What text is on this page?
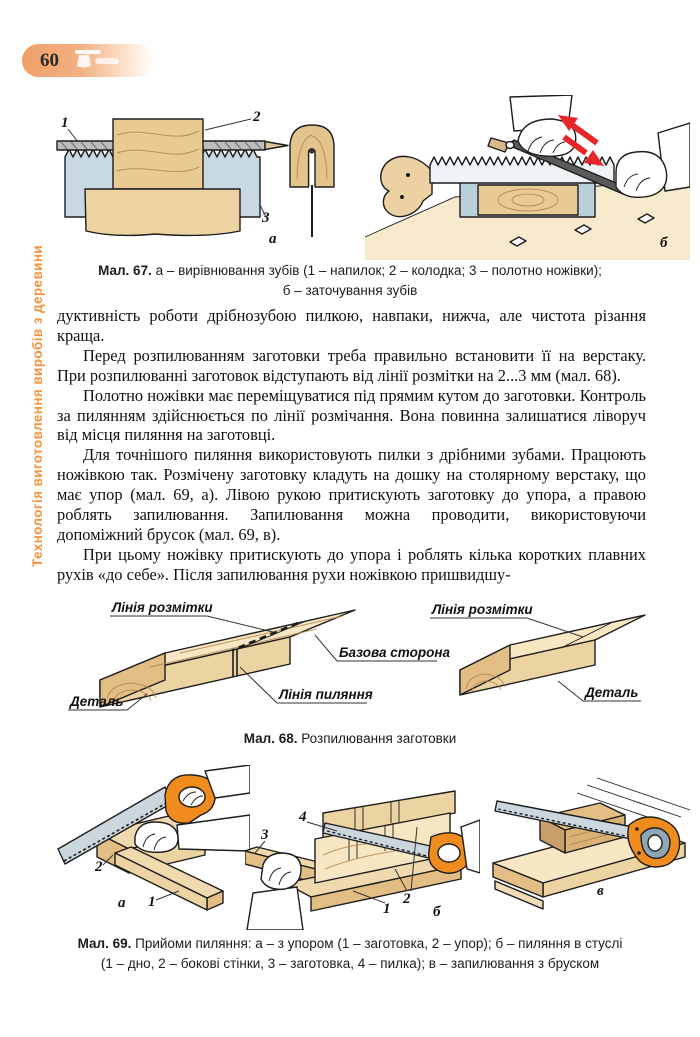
60
Технологія виготовлення виробів з деревини
1	2
3
а	б
Мал. 67. а – вирівнювання зубів (1 – напилок; 2 – колодка; 3 – полотно ножівки);
б – заточування зубів

дуктивність роботи дрібнозубою пилкою, навпаки, нижча, але чистота різання краща.

Перед розпилюванням заготовки треба правильно встановити її на верстаку. При розпилюванні заготовок відступають від лінії розмітки на 2...3 мм (мал. 68).

Полотно ножівки має переміщуватися під прямим кутом до заготовки. Контроль за пилянням здійснюється по лінії розмічання. Вона повинна залишатися ліворуч від місця пиляння на заготовці.

Для точнішого пиляння використовують пилки з дрібними зубами. Працюють ножівкою так. Розмічену заготовку кладуть на дошку на столярному верстаку, що має упор (мал. 69, а). Лівою рукою притискують заготовку до упора, а правою роблять запилювання. Запилювання можна проводити, використовуючи допоміжний брусок (мал. 69, в).

При цьому ножівку притискують до упора і роблять кілька коротких плавних рухів «до себе». Після запилювання рухи ножівкою пришвидшу-

Лінія розмітки
Базова сторона
Лінія пиляння
Деталь
Лінія розмітки
Деталь
Мал. 68. Розпилювання заготовки
2
1
а
3
4
1
2
б
в
Мал. 69. Прийоми пиляння: а – з упором (1 – заготовка, 2 – упор); б – пиляння в стуслі
(1 – дно, 2 – бокові стінки, 3 – заготовка, 4 – пилка); в – запилювання з бруском
